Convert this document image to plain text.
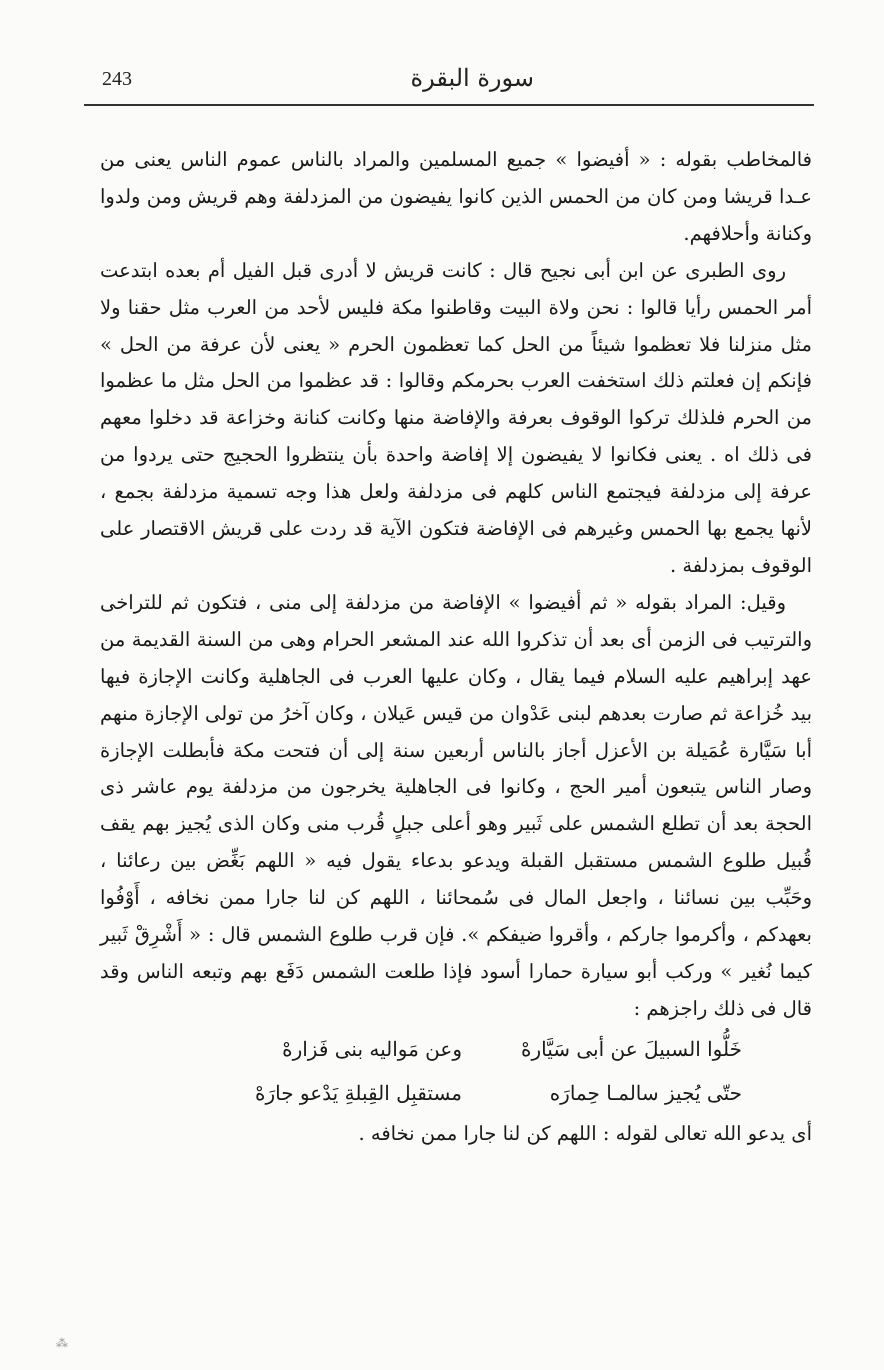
243	سورة البقرة

فالمخاطب بقوله : « أفيضوا » جميع المسلمين والمراد بالناس عموم الناس يعنى من عـدا قريشا ومن كان من الحمس الذين كانوا يفيضون من المزدلفة وهم قريش ومن ولدوا وكنانة وأحلافهم.

روى الطبرى عن ابن أبى نجيح قال : كانت قريش لا أدرى قبل الفيل أم بعده ابتدعت أمر الحمس رأيا قالوا : نحن ولاة البيت وقاطنوا مكة فليس لأحد من العرب مثل حقنا ولا مثل منزلنا فلا تعظموا شيئاً من الحل كما تعظمون الحرم « يعنى لأن عرفة من الحل » فإنكم إن فعلتم ذلك استخفت العرب بحرمكم وقالوا : قد عظموا من الحل مثل ما عظموا من الحرم فلذلك تركوا الوقوف بعرفة والإفاضة منها وكانت كنانة وخزاعة قد دخلوا معهم فى ذلك اه . يعنى فكانوا لا يفيضون إلا إفاضة واحدة بأن ينتظروا الحجيج حتى يردوا من عرفة إلى مزدلفة فيجتمع الناس كلهم فى مزدلفة ولعل هذا وجه تسمية مزدلفة بجمع ، لأنها يجمع بها الحمس وغيرهم فى الإفاضة فتكون الآية قد ردت على قريش الاقتصار على الوقوف بمزدلفة .

وقيل: المراد بقوله « ثم أفيضوا » الإفاضة من مزدلفة إلى منى ، فتكون ثم للتراخى والترتيب فى الزمن أى بعد أن تذكروا الله عند المشعر الحرام وهى من السنة القديمة من عهد إبراهيم عليه السلام فيما يقال ، وكان عليها العرب فى الجاهلية وكانت الإجازة فيها بيد خُزاعة ثم صارت بعدهم لبنى عَدْوان من قيس عَيلان ، وكان آخرُ من تولى الإجازة منهم أبا سَيَّارة عُمَيلة بن الأعزل أجاز بالناس أربعين سنة إلى أن فتحت مكة فأبطلت الإجازة وصار الناس يتبعون أمير الحج ، وكانوا فى الجاهلية يخرجون من مزدلفة يوم عاشر ذى الحجة بعد أن تطلع الشمس على ثَبير وهو أعلى جبلٍ قُرب منى وكان الذى يُجيز بهم يقف قُبيل طلوع الشمس مستقبل القبلة ويدعو بدعاء يقول فيه « اللهم بَغِّض بين رعائنا ، وحَبِّب بين نسائنا ، واجعل المال فى سُمحائنا ، اللهم كن لنا جارا ممن نخافه ، أَوْفُوا بعهدكم ، وأكرموا جاركم ، وأقروا ضيفكم ». فإن قرب طلوع الشمس قال : « أَشْرِقْ ثَبير كيما نُغير » وركب أبو سيارة حمارا أسود فإذا طلعت الشمس دَفَع بهم وتبعه الناس وقد قال فى ذلك راجزهم :

خَلُّوا السبيلَ عن أبى سَيَّارهْ
وعن مَواليه بنى فَزارهْ
حتّى يُجيز سالمـا حِمارَه
مستقبِل القِبلةِ يَدْعو جارَهْ

أى يدعو الله تعالى لقوله : اللهم كن لنا جارا ممن نخافه .

⁂
